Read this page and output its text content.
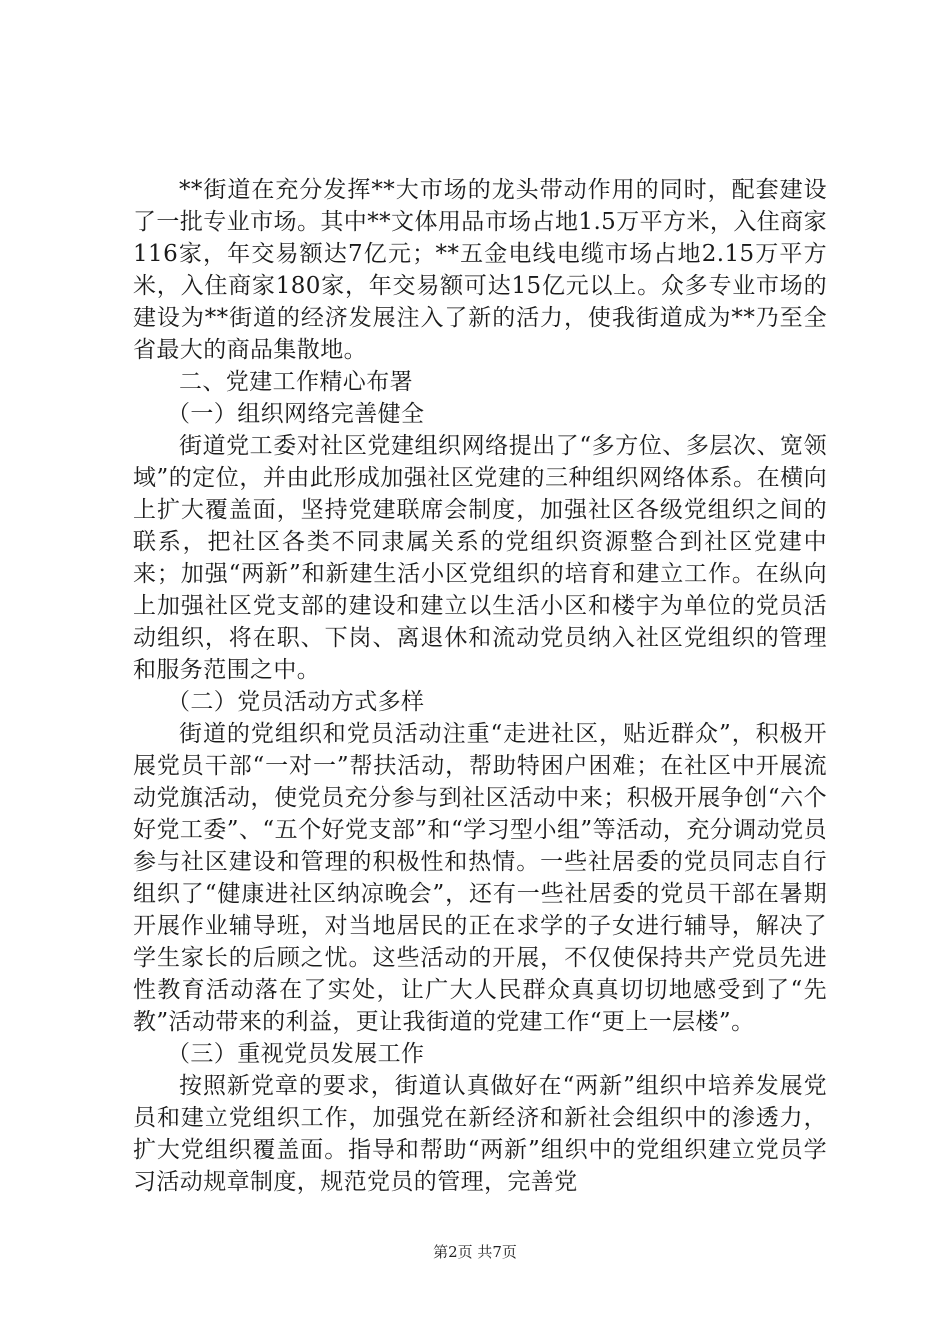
**街道在充分发挥**大市场的龙头带动作用的同时，配套建设了一批专业市场。其中**文体用品市场占地1.5万平方米，入住商家116家，年交易额达7亿元；**五金电线电缆市场占地2.15万平方米，入住商家180家，年交易额可达15亿元以上。众多专业市场的建设为**街道的经济发展注入了新的活力，使我街道成为**乃至全省最大的商品集散地。

二、党建工作精心布署

（一）组织网络完善健全

街道党工委对社区党建组织网络提出了“多方位、多层次、宽领域”的定位，并由此形成加强社区党建的三种组织网络体系。在横向上扩大覆盖面，坚持党建联席会制度，加强社区各级党组织之间的联系，把社区各类不同隶属关系的党组织资源整合到社区党建中来；加强“两新”和新建生活小区党组织的培育和建立工作。在纵向上加强社区党支部的建设和建立以生活小区和楼宇为单位的党员活动组织，将在职、下岗、离退休和流动党员纳入社区党组织的管理和服务范围之中。

（二）党员活动方式多样

街道的党组织和党员活动注重“走进社区，贴近群众”，积极开展党员干部“一对一”帮扶活动，帮助特困户困难；在社区中开展流动党旗活动，使党员充分参与到社区活动中来；积极开展争创“六个好党工委”、“五个好党支部”和“学习型小组”等活动，充分调动党员参与社区建设和管理的积极性和热情。一些社居委的党员同志自行组织了“健康进社区纳凉晚会”，还有一些社居委的党员干部在暑期开展作业辅导班，对当地居民的正在求学的子女进行辅导，解决了学生家长的后顾之忧。这些活动的开展，不仅使保持共产党员先进性教育活动落在了实处，让广大人民群众真真切切地感受到了“先教”活动带来的利益，更让我街道的党建工作“更上一层楼”。

（三）重视党员发展工作

按照新党章的要求，街道认真做好在“两新”组织中培养发展党员和建立党组织工作，加强党在新经济和新社会组织中的渗透力，扩大党组织覆盖面。指导和帮助“两新”组织中的党组织建立党员学习活动规章制度，规范党员的管理，完善党

第2页 共7页
